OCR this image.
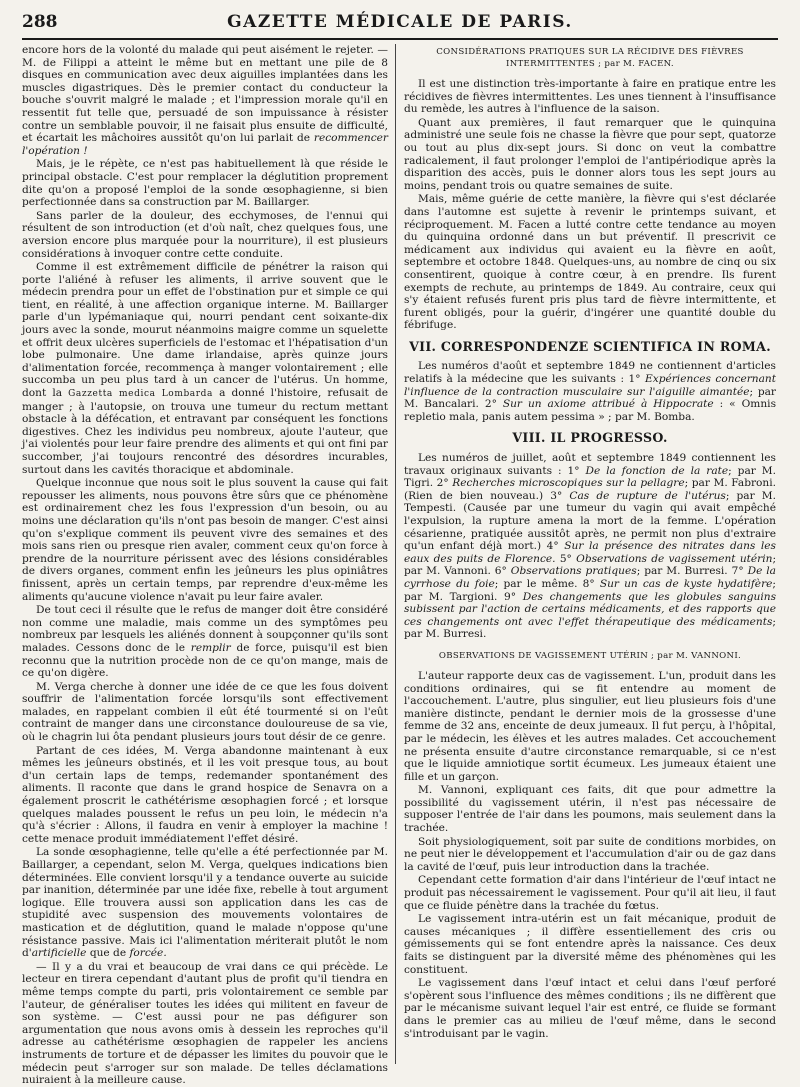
288	GAZETTE MÉDICALE DE PARIS.

encore hors de la volonté du malade qui peut aisément le rejeter. — M. de Filippi a atteint le même but en mettant une pile de 8 disques en communication avec deux aiguilles implantées dans les muscles digastriques. Dès le premier contact du conducteur la bouche s'ouvrit malgré le malade ; et l'impression morale qu'il en ressentit fut telle que, persuadé de son impuissance à résister contre un semblable pouvoir, il ne faisait plus ensuite de difficulté, et écartait les mâchoires aussitôt qu'on lui parlait de recommencer l'opération !

Mais, je le répète, ce n'est pas habituellement là que réside le principal obstacle. C'est pour remplacer la déglutition proprement dite qu'on a proposé l'emploi de la sonde œsophagienne, si bien perfectionnée dans sa construction par M. Baillarger.

Sans parler de la douleur, des ecchymoses, de l'ennui qui résultent de son introduction (et d'où naît, chez quelques fous, une aversion encore plus marquée pour la nourriture), il est plusieurs considérations à invoquer contre cette conduite.

Comme il est extrêmement difficile de pénétrer la raison qui porte l'aliéné à refuser les aliments, il arrive souvent que le médecin prendra pour un effet de l'obstination pur et simple ce qui tient, en réalité, à une affection organique interne. M. Baillarger parle d'un lypémaniaque qui, nourri pendant cent soixante-dix jours avec la sonde, mourut néanmoins maigre comme un squelette et offrit deux ulcères superficiels de l'estomac et l'hépatisation d'un lobe pulmonaire. Une dame irlandaise, après quinze jours d'alimentation forcée, recommença à manger volontairement ; elle succomba un peu plus tard à un cancer de l'utérus. Un homme, dont la Gazzetta medica Lombarda a donné l'histoire, refusait de manger ; à l'autopsie, on trouva une tumeur du rectum mettant obstacle à la défécation, et entravant par conséquent les fonctions digestives. Chez les individus peu nombreux, ajoute l'auteur, que j'ai violentés pour leur faire prendre des aliments et qui ont fini par succomber, j'ai toujours rencontré des désordres incurables, surtout dans les cavités thoracique et abdominale.

Quelque inconnue que nous soit le plus souvent la cause qui fait repousser les aliments, nous pouvons être sûrs que ce phénomène est ordinairement chez les fous l'expression d'un besoin, ou au moins une déclaration qu'ils n'ont pas besoin de manger. C'est ainsi qu'on s'explique comment ils peuvent vivre des semaines et des mois sans rien ou presque rien avaler, comment ceux qu'on force à prendre de la nourriture périssent avec des lésions considérables de divers organes, comment enfin les jeûneurs les plus opiniâtres finissent, après un certain temps, par reprendre d'eux-même les aliments qu'aucune violence n'avait pu leur faire avaler.

De tout ceci il résulte que le refus de manger doit être considéré non comme une maladie, mais comme un des symptômes peu nombreux par lesquels les aliénés donnent à soupçonner qu'ils sont malades. Cessons donc de le remplir de force, puisqu'il est bien reconnu que la nutrition procède non de ce qu'on mange, mais de ce qu'on digère.

M. Verga cherche à donner une idée de ce que les fous doivent souffrir de l'alimentation forcée lorsqu'ils sont effectivement malades, en rappelant combien il eût été tourmenté si on l'eût contraint de manger dans une circonstance douloureuse de sa vie, où le chagrin lui ôta pendant plusieurs jours tout désir de ce genre.

Partant de ces idées, M. Verga abandonne maintenant à eux mêmes les jeûneurs obstinés, et il les voit presque tous, au bout d'un certain laps de temps, redemander spontanément des aliments. Il raconte que dans le grand hospice de Senavra on a également proscrit le cathétérisme œsophagien forcé ; et lorsque quelques malades poussent le refus un peu loin, le médecin n'a qu'à s'écrier : Allons, il faudra en venir à employer la machine ! cette menace produit immédiatement l'effet désiré.

La sonde œsophagienne, telle qu'elle a été perfectionnée par M. Baillarger, a cependant, selon M. Verga, quelques indications bien déterminées. Elle convient lorsqu'il y a tendance ouverte au suicide par inanition, déterminée par une idée fixe, rebelle à tout argument logique. Elle trouvera aussi son application dans les cas de stupidité avec suspension des mouvements volontaires de mastication et de déglutition, quand le malade n'oppose qu'une résistance passive. Mais ici l'alimentation mériterait plutôt le nom d'artificielle que de forcée.

— Il y a du vrai et beaucoup de vrai dans ce qui précède. Le lecteur en tirera cependant d'autant plus de profit qu'il tiendra en même temps compte du parti, pris volontairement ce semble par l'auteur, de généraliser toutes les idées qui militent en faveur de son système. — C'est aussi pour ne pas défigurer son argumentation que nous avons omis à dessein les reproches qu'il adresse au cathétérisme œsophagien de rappeler les anciens instruments de torture et de dépasser les limites du pouvoir que le médecin peut s'arroger sur son malade. De telles déclamations nuiraient à la meilleure cause.

CONSIDÉRATIONS PRATIQUES SUR LA RÉCIDIVE DES FIÈVRES INTERMITTENTES ; par M. FACEN.

Il est une distinction très-importante à faire en pratique entre les récidives de fièvres intermittentes. Les unes tiennent à l'insuffisance du remède, les autres à l'influence de la saison.

Quant aux premières, il faut remarquer que le quinquina administré une seule fois ne chasse la fièvre que pour sept, quatorze ou tout au plus dix-sept jours. Si donc on veut la combattre radicalement, il faut prolonger l'emploi de l'antipériodique après la disparition des accès, puis le donner alors tous les sept jours au moins, pendant trois ou quatre semaines de suite.

Mais, même guérie de cette manière, la fièvre qui s'est déclarée dans l'automne est sujette à revenir le printemps suivant, et réciproquement. M. Facen a lutté contre cette tendance au moyen du quinquina ordonné dans un but préventif. Il prescrivit ce médicament aux individus qui avaient eu la fièvre en août, septembre et octobre 1848. Quelques-uns, au nombre de cinq ou six consentirent, quoique à contre cœur, à en prendre. Ils furent exempts de rechute, au printemps de 1849. Au contraire, ceux qui s'y étaient refusés furent pris plus tard de fièvre intermittente, et furent obligés, pour la guérir, d'ingérer une quantité double du fébrifuge.

VII. CORRESPONDENZE SCIENTIFICA IN ROMA.

Les numéros d'août et septembre 1849 ne contiennent d'articles relatifs à la médecine que les suivants : 1° Expériences concernant l'influence de la contraction musculaire sur l'aiguille aimantée; par M. Bancalari. 2° Sur un axiome attribué à Hippocrate : « Omnis repletio mala, panis autem pessima » ; par M. Bomba.

VIII. IL PROGRESSO.

Les numéros de juillet, août et septembre 1849 contiennent les travaux originaux suivants : 1° De la fonction de la rate; par M. Tigri. 2° Recherches microscopiques sur la pellagre; par M. Fabroni. (Rien de bien nouveau.) 3° Cas de rupture de l'utérus; par M. Tempesti. (Causée par une tumeur du vagin qui avait empêché l'expulsion, la rupture amena la mort de la femme. L'opération césarienne, pratiquée aussitôt après, ne permit non plus d'extraire qu'un enfant déjà mort.) 4° Sur la présence des nitrates dans les eaux des puits de Florence. 5° Observations de vagissement utérin; par M. Vannoni. 6° Observations pratiques; par M. Burresi. 7° De la cyrrhose du foie; par le même. 8° Sur un cas de kyste hydatifère; par M. Targioni. 9° Des changements que les globules sanguins subissent par l'action de certains médicaments, et des rapports que ces changements ont avec l'effet thérapeutique des médicaments; par M. Burresi.

OBSERVATIONS DE VAGISSEMENT UTÉRIN ; par M. VANNONI.

L'auteur rapporte deux cas de vagissement. L'un, produit dans les conditions ordinaires, qui se fit entendre au moment de l'accouchement. L'autre, plus singulier, eut lieu plusieurs fois d'une manière distincte, pendant le dernier mois de la grossesse d'une femme de 32 ans, enceinte de deux jumeaux. Il fut perçu, à l'hôpital, par le médecin, les élèves et les autres malades. Cet accouchement ne présenta ensuite d'autre circonstance remarquable, si ce n'est que le liquide amniotique sortit écumeux. Les jumeaux étaient une fille et un garçon.

M. Vannoni, expliquant ces faits, dit que pour admettre la possibilité du vagissement utérin, il n'est pas nécessaire de supposer l'entrée de l'air dans les poumons, mais seulement dans la trachée.

Soit physiologiquement, soit par suite de conditions morbides, on ne peut nier le développement et l'accumulation d'air ou de gaz dans la cavité de l'œuf, puis leur introduction dans la trachée.

Cependant cette formation d'air dans l'intérieur de l'œuf intact ne produit pas nécessairement le vagissement. Pour qu'il ait lieu, il faut que ce fluide pénètre dans la trachée du fœtus.

Le vagissement intra-utérin est un fait mécanique, produit de causes mécaniques ; il diffère essentiellement des cris ou gémissements qui se font entendre après la naissance. Ces deux faits se distinguent par la diversité même des phénomènes qui les constituent.

Le vagissement dans l'œuf intact et celui dans l'œuf perforé s'opèrent sous l'influence des mêmes conditions ; ils ne diffèrent que par le mécanisme suivant lequel l'air est entré, ce fluide se formant dans le premier cas au milieu de l'œuf même, dans le second s'introduisant par le vagin.
